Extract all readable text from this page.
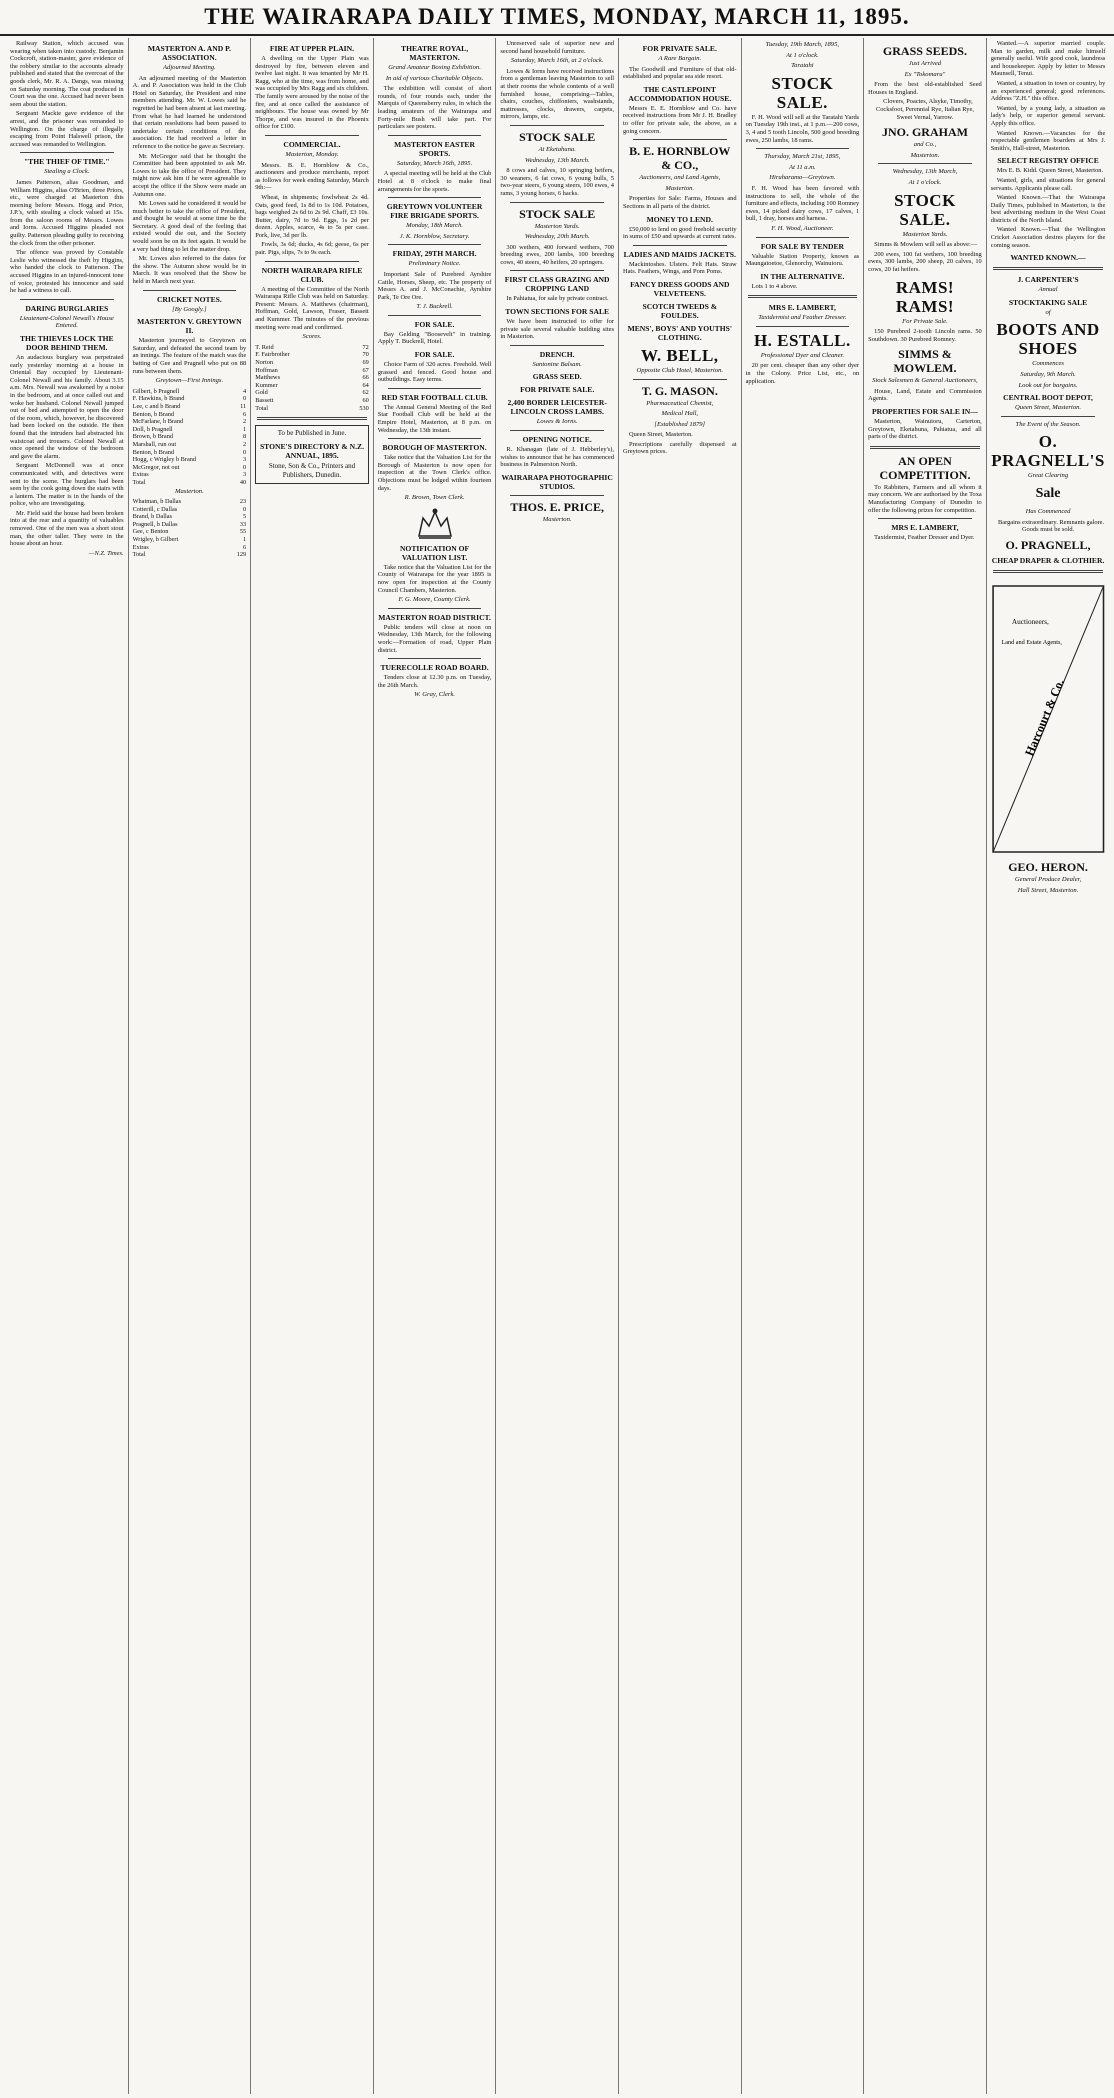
THE WAIRARAPA DAILY TIMES, MONDAY, MARCH 11, 1895.

Railway Station, which accused was wearing when taken into custody. Benjamin Cockcroft, station-master, gave evidence of the robbery similar to the accounts already published and stated that the overcoat of the goods clerk, Mr. R. A. Dangs, was missing on Saturday morning. The coat produced in Court was the one. Accused had never been seen about the station.

Sergeant Mackie gave evidence of the arrest, and the prisoner was remanded to Wellington. On the charge of illegally escaping from Point Halswell prison, the accused was remanded to Wellington.

"THE THIEF OF TIME."
Stealing a Clock.

James Patterson, alias Goodman, and William Higgins, alias O'Brien, three Priors, etc., were charged at Masterton this morning before Messrs. Hogg and Price, J.P.'s, with stealing a clock valued at 15s. from the saloon rooms of Messrs. Lowes and Iorns. Accused Higgins pleaded not guilty. Patterson pleading guilty to receiving the clock from the other prisoner.

The offence was proved by Constable Leslie who witnessed the theft by Higgins, who handed the clock to Patterson. The accused Higgins in an injured-innocent tone of voice, protested his innocence and said he had a witness to call.

DARING BURGLARIES
Lieutenant-Colonel Newall's House Entered.
THE THIEVES LOCK THE DOOR BEHIND THEM.

An audacious burglary was perpetrated early yesterday morning at a house in Oriental Bay occupied by Lieutenant-Colonel Newall and his family. About 3.15 a.m. Mrs. Newall was awakened by a noise in the bedroom, and at once called out and woke her husband. Colonel Newall jumped out of bed and attempted to open the door of the room, which, however, he discovered had been locked on the outside. He then found that the intruders had abstracted his waistcoat and trousers. Colonel Newall at once opened the window of the bedroom and gave the alarm.

Sergeant McDonnell was at once communicated with, and detectives were sent to the scene. The burglars had been seen by the cook going down the stairs with a lantern. The matter is in the hands of the police, who are investigating.

Mr. Field said the house had been broken into at the rear and a quantity of valuables removed. One of the men was a short stout man, the other taller. They were in the house about an hour.

—N.Z. Times.

MASTERTON A. AND P. ASSOCIATION.
Adjourned Meeting.

An adjourned meeting of the Masterton A. and P. Association was held in the Club Hotel on Saturday, the President and nine members attending. Mr. W. Lowes said he regretted he had been absent at last meeting. From what he had learned he understood that certain resolutions had been passed to undertake certain conditions of the association. He had received a letter in reference to the notice he gave as Secretary.

Mr. McGregor said that he thought the Committee had been appointed to ask Mr. Lowes to take the office of President. They might now ask him if he were agreeable to accept the office if the Show were made an Autumn one.

Mr. Lowes said he considered it would be much better to take the office of President, and thought he would at some time be the Secretary. A good deal of the feeling that existed would die out, and the Society would soon be on its feet again. It would be a very bad thing to let the matter drop.

Mr. Lowes also referred to the dates for the show. The Autumn show would be in March. It was resolved that the Show be held in March next year.

CRICKET NOTES.
[By Googly.]
MASTERTON V. GREYTOWN II.

Masterton journeyed to Greytown on Saturday, and defeated the second team by an innings. The feature of the match was the batting of Gee and Pragnell who put on 88 runs between them.

Greytown—First Innings.
Gilbert, b Pragnell	4
F. Hawkins, b Brand	0
Lee, c and b Brand	11
Benton, b Brand	6
McFarlane, b Brand	2
Doll, b Pragnell	1
Brown, b Brand	8
Marshall, run out	2
Benton, b Brand	0
Hogg, c Wrigley b Brand	3
McGregor, not out	0
Extras	3
Total	40
Masterton.
Whatman, b Dallas	23
Cotterill, c Dallas	0
Brand, b Dallas	5
Pragnell, b Dallas	33
Gee, c Benton	55
Wrigley, b Gilbert	1
Extras	6
Total	129
FIRE AT UPPER PLAIN.

A dwelling on the Upper Plain was destroyed by fire, between eleven and twelve last night. It was tenanted by Mr H. Ragg, who at the time, was from home, and was occupied by Mrs Ragg and six children. The family were aroused by the noise of the fire, and at once called the assistance of neighbours. The house was owned by Mr Thorpe, and was insured in the Phoenix office for £100.

COMMERCIAL.
Masterton, Monday.

Messrs. B. E. Hornblow & Co., auctioneers and produce merchants, report as follows for week ending Saturday, March 9th:—

Wheat, in shipments; fowlwheat 2s 4d. Oats, good feed, 1s 8d to 1s 10d. Potatoes, bags weighed 2s 6d to 2s 9d. Chaff, £3 10s. Butter, dairy, 7d to 9d. Eggs, 1s 2d per dozen. Apples, scarce, 4s to 5s per case. Pork, live, 3d per lb.

Fowls, 3s 6d; ducks, 4s 6d; geese, 6s per pair. Pigs, slips, 7s to 9s each.

NORTH WAIRARAPA RIFLE CLUB.

A meeting of the Committee of the North Wairarapa Rifle Club was held on Saturday. Present: Messrs. A. Matthews (chairman), Hoffman, Gold, Lawson, Fraser, Bassett and Kummer. The minutes of the previous meeting were read and confirmed.

Scores.
T. Reid	72
F. Fairbrother	70
Norton	69
Hoffman	67
Matthews	66
Kummer	64
Gold	62
Bassett	60
Total	530
To be Published in June.
STONE'S DIRECTORY & N.Z. ANNUAL, 1895.
Stone, Son & Co., Printers and Publishers, Dunedin.
THEATRE ROYAL, MASTERTON.
Grand Amateur Boxing Exhibition.
In aid of various Charitable Objects.

The exhibition will consist of short rounds, of four rounds each, under the Marquis of Queensberry rules, in which the leading amateurs of the Wairarapa and Forty-mile Bush will take part. For particulars see posters.

MASTERTON EASTER SPORTS.
Saturday, March 16th, 1895.

A special meeting will be held at the Club Hotel at 8 o'clock to make final arrangements for the sports.

GREYTOWN VOLUNTEER FIRE BRIGADE SPORTS.
Monday, 18th March.
J. K. Hornblow, Secretary.
FRIDAY, 29TH MARCH.
Preliminary Notice.

Important Sale of Purebred Ayrshire Cattle, Horses, Sheep, etc. The property of Messrs A. and J. McConachie, Ayrshire Park, Te Ore Ore.

T. J. Buckrell.
FOR SALE.

Bay Gelding "Boosevelt" in training. Apply T. Buckrell, Hotel.

FOR SALE.

Choice Farm of 320 acres. Freehold. Well grassed and fenced. Good house and outbuildings. Easy terms.

RED STAR FOOTBALL CLUB.

The Annual General Meeting of the Red Star Football Club will be held at the Empire Hotel, Masterton, at 8 p.m. on Wednesday, the 13th instant.

BOROUGH OF MASTERTON.

Take notice that the Valuation List for the Borough of Masterton is now open for inspection at the Town Clerk's office. Objections must be lodged within fourteen days.

R. Brown, Town Clerk.
NOTIFICATION OF VALUATION LIST.

Take notice that the Valuation List for the County of Wairarapa for the year 1895 is now open for inspection at the County Council Chambers, Masterton.

F. G. Moore, County Clerk.
MASTERTON ROAD DISTRICT.

Public tenders will close at noon on Wednesday, 13th March, for the following work:—Formation of road, Upper Plain district.

TUERECOLLE ROAD BOARD.

Tenders close at 12.30 p.m. on Tuesday, the 26th March.

W. Gray, Clerk.

Unreserved sale of superior new and second hand household furniture.

Saturday, March 16th, at 2 o'clock.

Lowes & Iorns have received instructions from a gentleman leaving Masterton to sell at their rooms the whole contents of a well furnished house, comprising—Tables, chairs, couches, chiffoniers, washstands, mattresses, clocks, drawers, carpets, mirrors, lamps, etc.

STOCK SALE
At Eketahuna.
Wednesday, 13th March.

8 cows and calves, 10 springing heifers, 30 weaners, 6 fat cows, 6 young bulls, 5 two-year steers, 6 young steers, 100 ewes, 4 rams, 3 young horses, 6 hacks.

STOCK SALE
Masterton Yards.
Wednesday, 20th March.

300 wethers, 400 forward wethers, 700 breeding ewes, 200 lambs, 100 breeding cows, 40 steers, 40 heifers, 20 springers.

FIRST CLASS GRAZING AND CROPPING LAND

In Pahiatua, for sale by private contract.

TOWN SECTIONS FOR SALE

We have been instructed to offer for private sale several valuable building sites in Masterton.

DRENCH.
Santonine Balsam.
GRASS SEED.
FOR PRIVATE SALE.
2,400 BORDER LEICESTER-LINCOLN CROSS LAMBS.
Lowes & Iorns.
OPENING NOTICE.

R. Khanagan (late of J. Hebberley's), wishes to announce that he has commenced business in Palmerston North.

WAIRARAPA PHOTOGRAPHIC STUDIOS.
THOS. E. PRICE,
Masterton.
FOR PRIVATE SALE.
A Rare Bargain.

The Goodwill and Furniture of that old-established and popular sea side resort.

THE CASTLEPOINT ACCOMMODATION HOUSE.

Messrs E. E. Hornblow and Co. have received instructions from Mr J. H. Bradley to offer for private sale, the above, as a going concern.

B. E. HORNBLOW & CO.,
Auctioneers, and Land Agents,
Masterton.

Properties for Sale: Farms, Houses and Sections in all parts of the district.

MONEY TO LEND.

£50,000 to lend on good freehold security in sums of £50 and upwards at current rates.

LADIES AND MAIDS JACKETS.

Mackintoshes. Ulsters. Felt Hats. Straw Hats. Feathers, Wings, and Pom Poms.

FANCY DRESS GOODS AND VELVETEENS.
SCOTCH TWEEDS & FOULDES.
MENS', BOYS' AND YOUTHS' CLOTHING.
W. BELL,
Opposite Club Hotel, Masterton.
T. G. MASON.
Pharmaceutical Chemist,
Medical Hall,
[Established 1879]

Queen Street, Masterton.

Prescriptions carefully dispensed at Greytown prices.

Tuesday, 19th March, 1895,
At 1 o'clock.
Taratahi
STOCK SALE.

F. H. Wood will sell at the Taratahi Yards on Tuesday 19th inst., at 1 p.m.—200 cows, 3, 4 and 5 tooth Lincoln, 500 good breeding ewes, 250 lambs, 18 rams.

Thursday, March 21st, 1895,
At 11 a.m.
Hiruharama—Greytown.

F. H. Wood has been favored with instructions to sell, the whole of the furniture and effects, including 100 Romney ewes, 14 picked dairy cows, 17 calves, 1 bull, 1 dray, horses and harness.

F. H. Wood, Auctioneer.
FOR SALE BY TENDER

Valuable Station Property, known as Maungatoetoe, Glenorchy, Wainuioru.

IN THE ALTERNATIVE.

Lots 1 to 4 above.

MRS E. LAMBERT,
Taxidermist and Feather Dresser.
H. ESTALL.
Professional Dyer and Cleaner.

20 per cent. cheaper than any other dyer in the Colony. Price List, etc., on application.

GRASS SEEDS.
Just Arrived
Ex "Tokomaru"

From the best old-established Seed Houses in England.

Clovers, Poactes, Alsyke, Timothy, Cocksfoot, Perennial Rye, Italian Rye, Sweet Vernal, Yarrow.

JNO. GRAHAM
and Co.,
Masterton.
Wednesday, 13th March,
At 1 o'clock.
STOCK SALE.
Masterton Yards.

Simms & Mowlem will sell as above:—

200 ewes, 100 fat wethers, 100 breeding ewes, 300 lambs, 200 sheep, 20 calves, 10 cows, 20 fat heifers.

RAMS! RAMS!
For Private Sale.

150 Purebred 2-tooth Lincoln rams. 50 Southdown. 30 Purebred Romney.

SIMMS & MOWLEM.
Stock Salesmen & General Auctioneers,

House, Land, Estate and Commission Agents.

PROPERTIES FOR SALE IN—

Masterton, Wainuioru, Carterton, Greytown, Eketahuna, Pahiatua, and all parts of the district.

AN OPEN COMPETITION.

To Rabbiters, Farmers and all whom it may concern. We are authorised by the Toxa Manufacturing Company of Dunedin to offer the following prizes for competition.

MRS E. LAMBERT,

Taxidermist, Feather Dresser and Dyer.

Wanted.—A superior married couple. Man to garden, milk and make himself generally useful. Wife good cook, laundress and housekeeper. Apply by letter to Messrs Maunsell, Tenui.

Wanted, a situation in town or country, by an experienced general; good references. Address "Z.H." this office.

Wanted, by a young lady, a situation as lady's help, or superior general servant. Apply this office.

Wanted Known.—Vacancies for the respectable gentlemen boarders at Mrs J. Smith's, Hall-street, Masterton.

SELECT REGISTRY OFFICE

Mrs E. B. Kidd. Queen Street, Masterton.

Wanted, girls, and situations for general servants. Applicants please call.

Wanted Known.—That the Wairarapa Daily Times, published in Masterton, is the best advertising medium in the West Coast districts of the North Island.

Wanted Known.—That the Wellington Cricket Association desires players for the coming season.

WANTED KNOWN.—
J. CARPENTER'S
Annual
STOCKTAKING SALE
of
BOOTS AND SHOES
Commences
Saturday, 9th March.
Look out for bargains.
CENTRAL BOOT DEPOT,
Queen Street, Masterton.
The Event of the Season.
O. PRAGNELL'S
Great Clearing
Sale
Has Commenced

Bargains extraordinary. Remnants galore. Goods must be sold.

O. PRAGNELL,
CHEAP DRAPER & CLOTHIER.
Harcourt & Co.
Auctioneers,
Land and Estate Agents,
GEO. HERON.
General Produce Dealer,
Hall Street, Masterton.
